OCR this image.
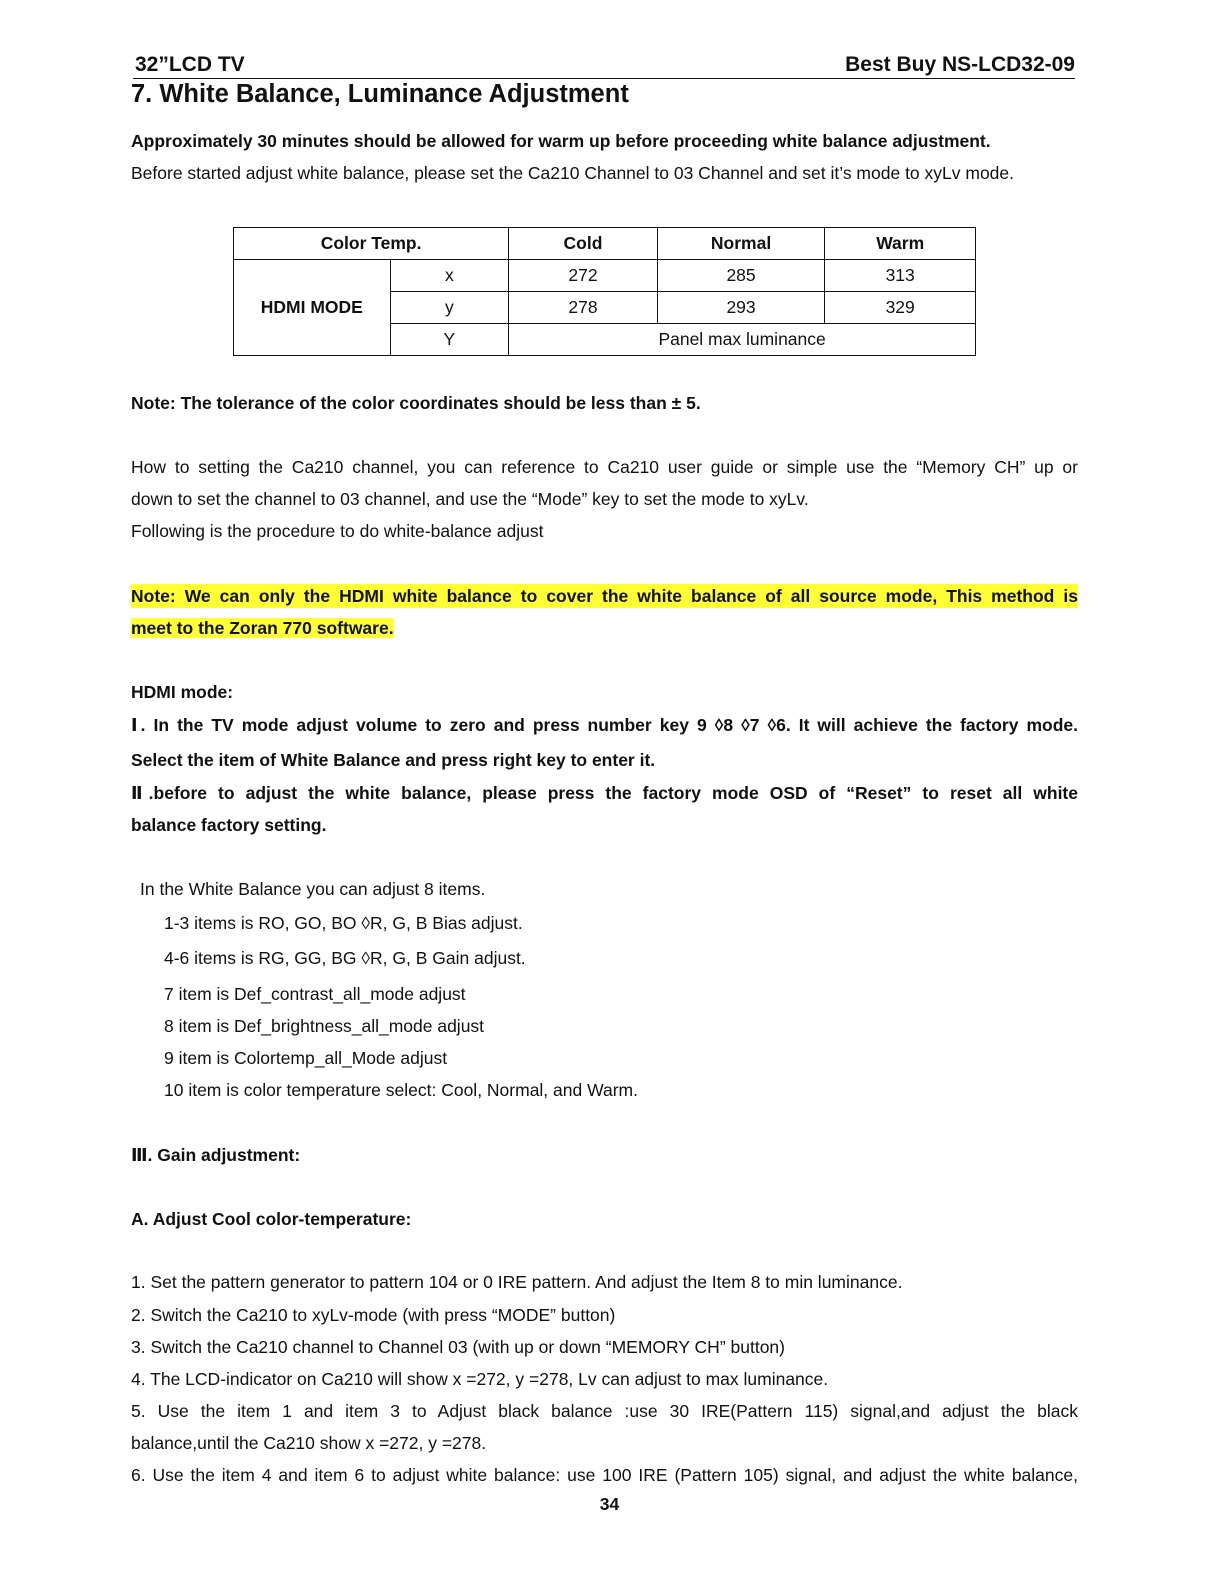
32”LCD TV	Best Buy NS-LCD32-09
7. White Balance, Luminance Adjustment
Approximately 30 minutes should be allowed for warm up before proceeding white balance adjustment.
Before started adjust white balance, please set the Ca210 Channel to 03 Channel and set it’s mode to xyLv mode.
Color Temp.		Cold	Normal	Warm
HDMI MODE	x	272	285	313
	y	278	293	329
	Y	Panel max luminance		
Note: The tolerance of the color coordinates should be less than ± 5.
How to setting the Ca210 channel, you can reference to Ca210 user guide or simple use the “Memory CH” up or
down to set the channel to 03 channel, and use the “Mode” key to set the mode to xyLv.
Following is the procedure to do white-balance adjust
Note: We can only the HDMI white balance to cover the white balance of all source mode, This method is
meet to the Zoran 770 software.
HDMI mode:
Ⅰ. In the TV mode adjust volume to zero and press number key 9 ◊8 ◊7 ◊6. It will achieve the factory mode.
Select the item of White Balance and press right key to enter it.
Ⅱ.before to adjust the white balance, please press the factory mode OSD of “Reset” to reset all white
balance factory setting.
In the White Balance you can adjust 8 items.
1-3 items is RO, GO, BO ◊R, G, B Bias adjust.
4-6 items is RG, GG, BG ◊R, G, B Gain adjust.
7 item is Def_contrast_all_mode adjust
8 item is Def_brightness_all_mode adjust
9 item is Colortemp_all_Mode adjust
10 item is color temperature select: Cool, Normal, and Warm.
Ⅲ. Gain adjustment:
A. Adjust Cool color-temperature:
1. Set the pattern generator to pattern 104 or 0 IRE pattern. And adjust the Item 8 to min luminance.
2. Switch the Ca210 to xyLv-mode (with press “MODE” button)
3. Switch the Ca210 channel to Channel 03 (with up or down “MEMORY CH” button)
4. The LCD-indicator on Ca210 will show x =272, y =278, Lv can adjust to max luminance.
5. Use the item 1 and item 3 to Adjust black balance :use 30 IRE(Pattern 115) signal,and adjust the black
balance,until the Ca210 show x =272, y =278.
6. Use the item 4 and item 6 to adjust white balance: use 100 IRE (Pattern 105) signal, and adjust the white balance,
34
